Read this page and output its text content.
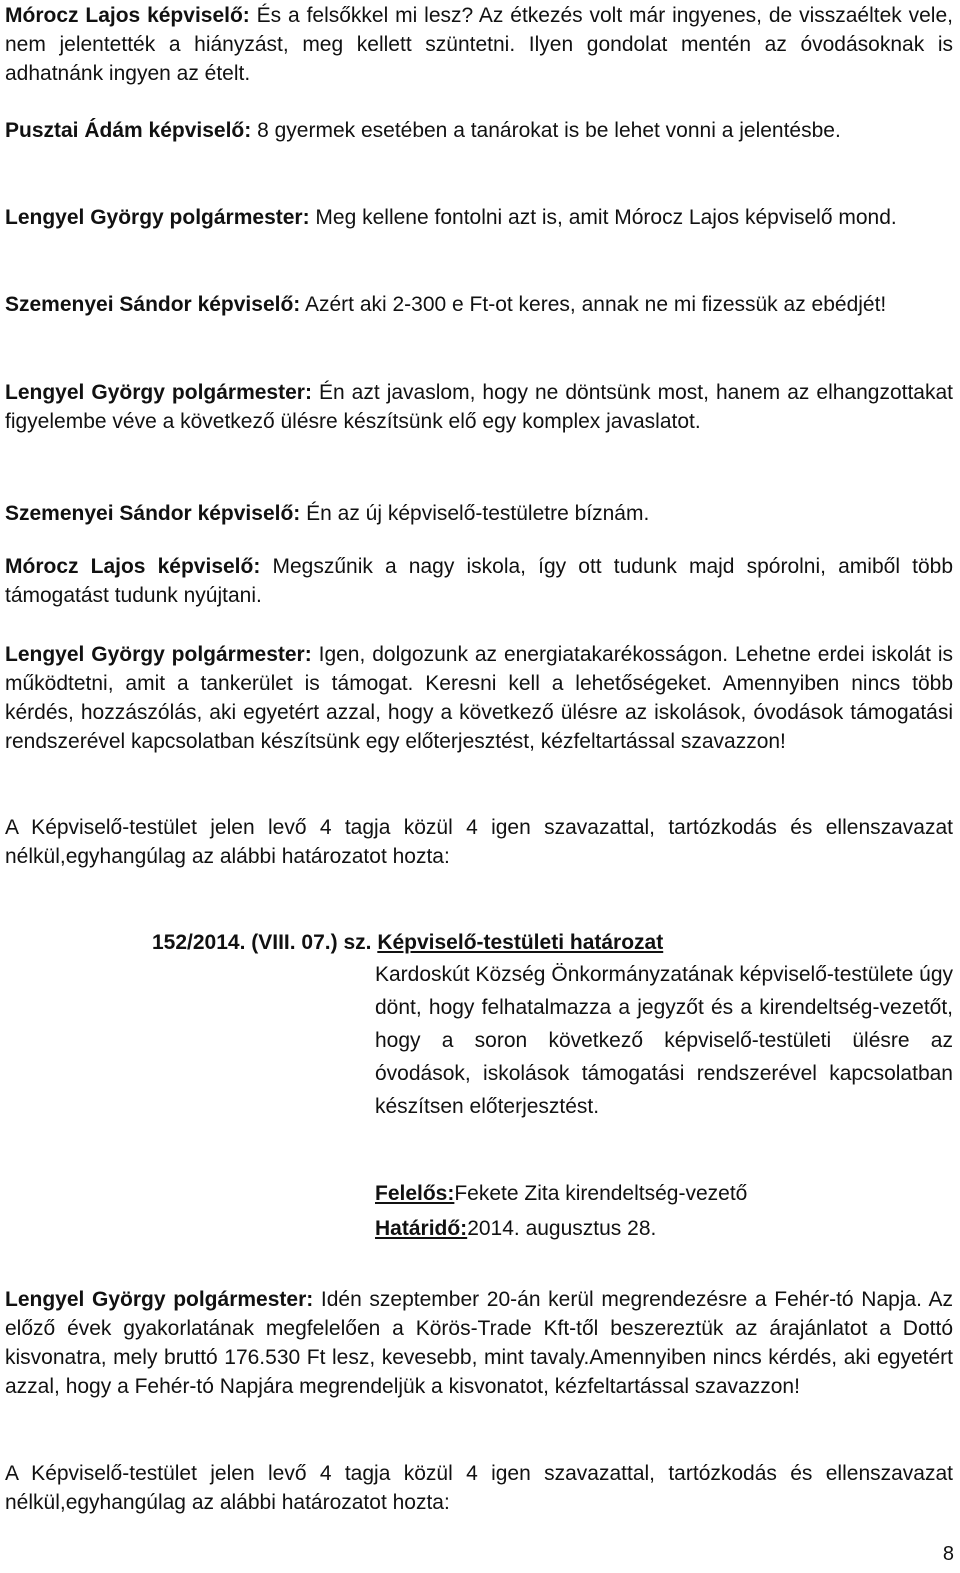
Mórocz Lajos képviselő: És a felsőkkel mi lesz? Az étkezés volt már ingyenes, de visszaéltek vele, nem jelentették a hiányzást, meg kellett szüntetni. Ilyen gondolat mentén az óvodásoknak is adhatnánk ingyen az ételt.

Pusztai Ádám képviselő: 8 gyermek esetében a tanárokat is be lehet vonni a jelentésbe.

Lengyel György polgármester: Meg kellene fontolni azt is, amit Mórocz Lajos képviselő mond.

Szemenyei Sándor képviselő: Azért aki 2-300 e Ft-ot keres, annak ne mi fizessük az ebédjét!

Lengyel György polgármester: Én azt javaslom, hogy ne döntsünk most, hanem az elhangzottakat figyelembe véve a következő ülésre készítsünk elő egy komplex javaslatot.

Szemenyei Sándor képviselő: Én az új képviselő-testületre bíznám.

Mórocz Lajos képviselő: Megszűnik a nagy iskola, így ott tudunk majd spórolni, amiből több támogatást tudunk nyújtani.

Lengyel György polgármester: Igen, dolgozunk az energiatakarékosságon. Lehetne erdei iskolát is működtetni, amit a tankerület is támogat. Keresni kell a lehetőségeket. Amennyiben nincs több kérdés, hozzászólás, aki egyetért azzal, hogy a következő ülésre az iskolások, óvodások támogatási rendszerével kapcsolatban készítsünk egy előterjesztést, kézfeltartással szavazzon!

A Képviselő-testület jelen levő 4 tagja közül 4 igen szavazattal, tartózkodás és ellenszavazat nélkül,egyhangúlag az alábbi határozatot hozta:

152/2014. (VIII. 07.) sz. Képviselő-testületi határozat

Kardoskút Község Önkormányzatának képviselő-testülete úgy dönt, hogy felhatalmazza a jegyzőt és a kirendeltség-vezetőt, hogy a soron következő képviselő-testületi ülésre az óvodások, iskolások támogatási rendszerével kapcsolatban készítsen előterjesztést.

Felelős:Fekete Zita kirendeltség-vezető
Határidő:2014. augusztus 28.

Lengyel György polgármester: Idén szeptember 20-án kerül megrendezésre a Fehér-tó Napja. Az előző évek gyakorlatának megfelelően a Körös-Trade Kft-től beszereztük az árajánlatot a Dottó kisvonatra, mely bruttó 176.530 Ft lesz, kevesebb, mint tavaly.Amennyiben nincs kérdés, aki egyetért azzal, hogy a Fehér-tó Napjára megrendeljük a kisvonatot, kézfeltartással szavazzon!

A Képviselő-testület jelen levő 4 tagja közül 4 igen szavazattal, tartózkodás és ellenszavazat nélkül,egyhangúlag az alábbi határozatot hozta:

8
